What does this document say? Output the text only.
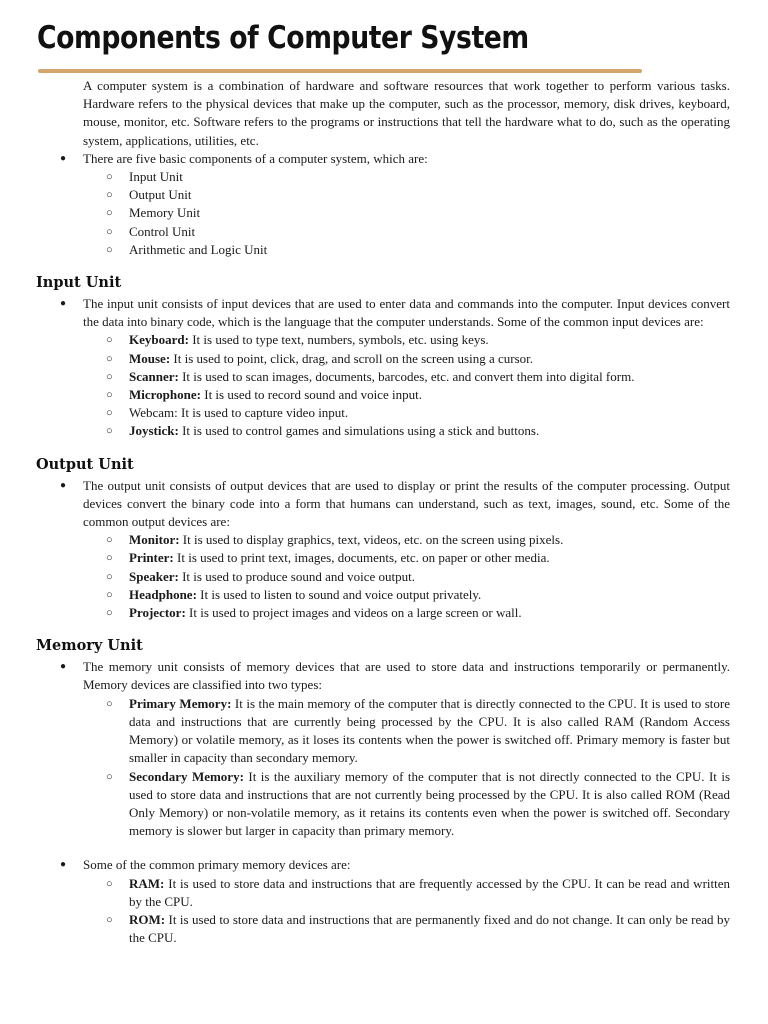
Components of Computer System

A computer system is a combination of hardware and software resources that work together to perform various tasks. Hardware refers to the physical devices that make up the computer, such as the processor, memory, disk drives, keyboard, mouse, monitor, etc. Software refers to the programs or instructions that tell the hardware what to do, such as the operating system, applications, utilities, etc.

● There are five basic components of a computer system, which are:

○ Input Unit

○ Output Unit

○ Memory Unit

○ Control Unit

○ Arithmetic and Logic Unit

Input Unit

● The input unit consists of input devices that are used to enter data and commands into the computer. Input devices convert the data into binary code, which is the language that the computer understands. Some of the common input devices are:

○ Keyboard: It is used to type text, numbers, symbols, etc. using keys.

○ Mouse: It is used to point, click, drag, and scroll on the screen using a cursor.

○ Scanner: It is used to scan images, documents, barcodes, etc. and convert them into digital form.

○ Microphone: It is used to record sound and voice input.

○ Webcam: It is used to capture video input.

○ Joystick: It is used to control games and simulations using a stick and buttons.

Output Unit

● The output unit consists of output devices that are used to display or print the results of the computer processing. Output devices convert the binary code into a form that humans can understand, such as text, images, sound, etc. Some of the common output devices are:

○ Monitor: It is used to display graphics, text, videos, etc. on the screen using pixels.

○ Printer: It is used to print text, images, documents, etc. on paper or other media.

○ Speaker: It is used to produce sound and voice output.

○ Headphone: It is used to listen to sound and voice output privately.

○ Projector: It is used to project images and videos on a large screen or wall.

Memory Unit

● The memory unit consists of memory devices that are used to store data and instructions temporarily or permanently. Memory devices are classified into two types:

○ Primary Memory: It is the main memory of the computer that is directly connected to the CPU. It is used to store data and instructions that are currently being processed by the CPU. It is also called RAM (Random Access Memory) or volatile memory, as it loses its contents when the power is switched off. Primary memory is faster but smaller in capacity than secondary memory.

○ Secondary Memory: It is the auxiliary memory of the computer that is not directly connected to the CPU. It is used to store data and instructions that are not currently being processed by the CPU. It is also called ROM (Read Only Memory) or non-volatile memory, as it retains its contents even when the power is switched off. Secondary memory is slower but larger in capacity than primary memory.

● Some of the common primary memory devices are:

○ RAM: It is used to store data and instructions that are frequently accessed by the CPU. It can be read and written by the CPU.

○ ROM: It is used to store data and instructions that are permanently fixed and do not change. It can only be read by the CPU.
